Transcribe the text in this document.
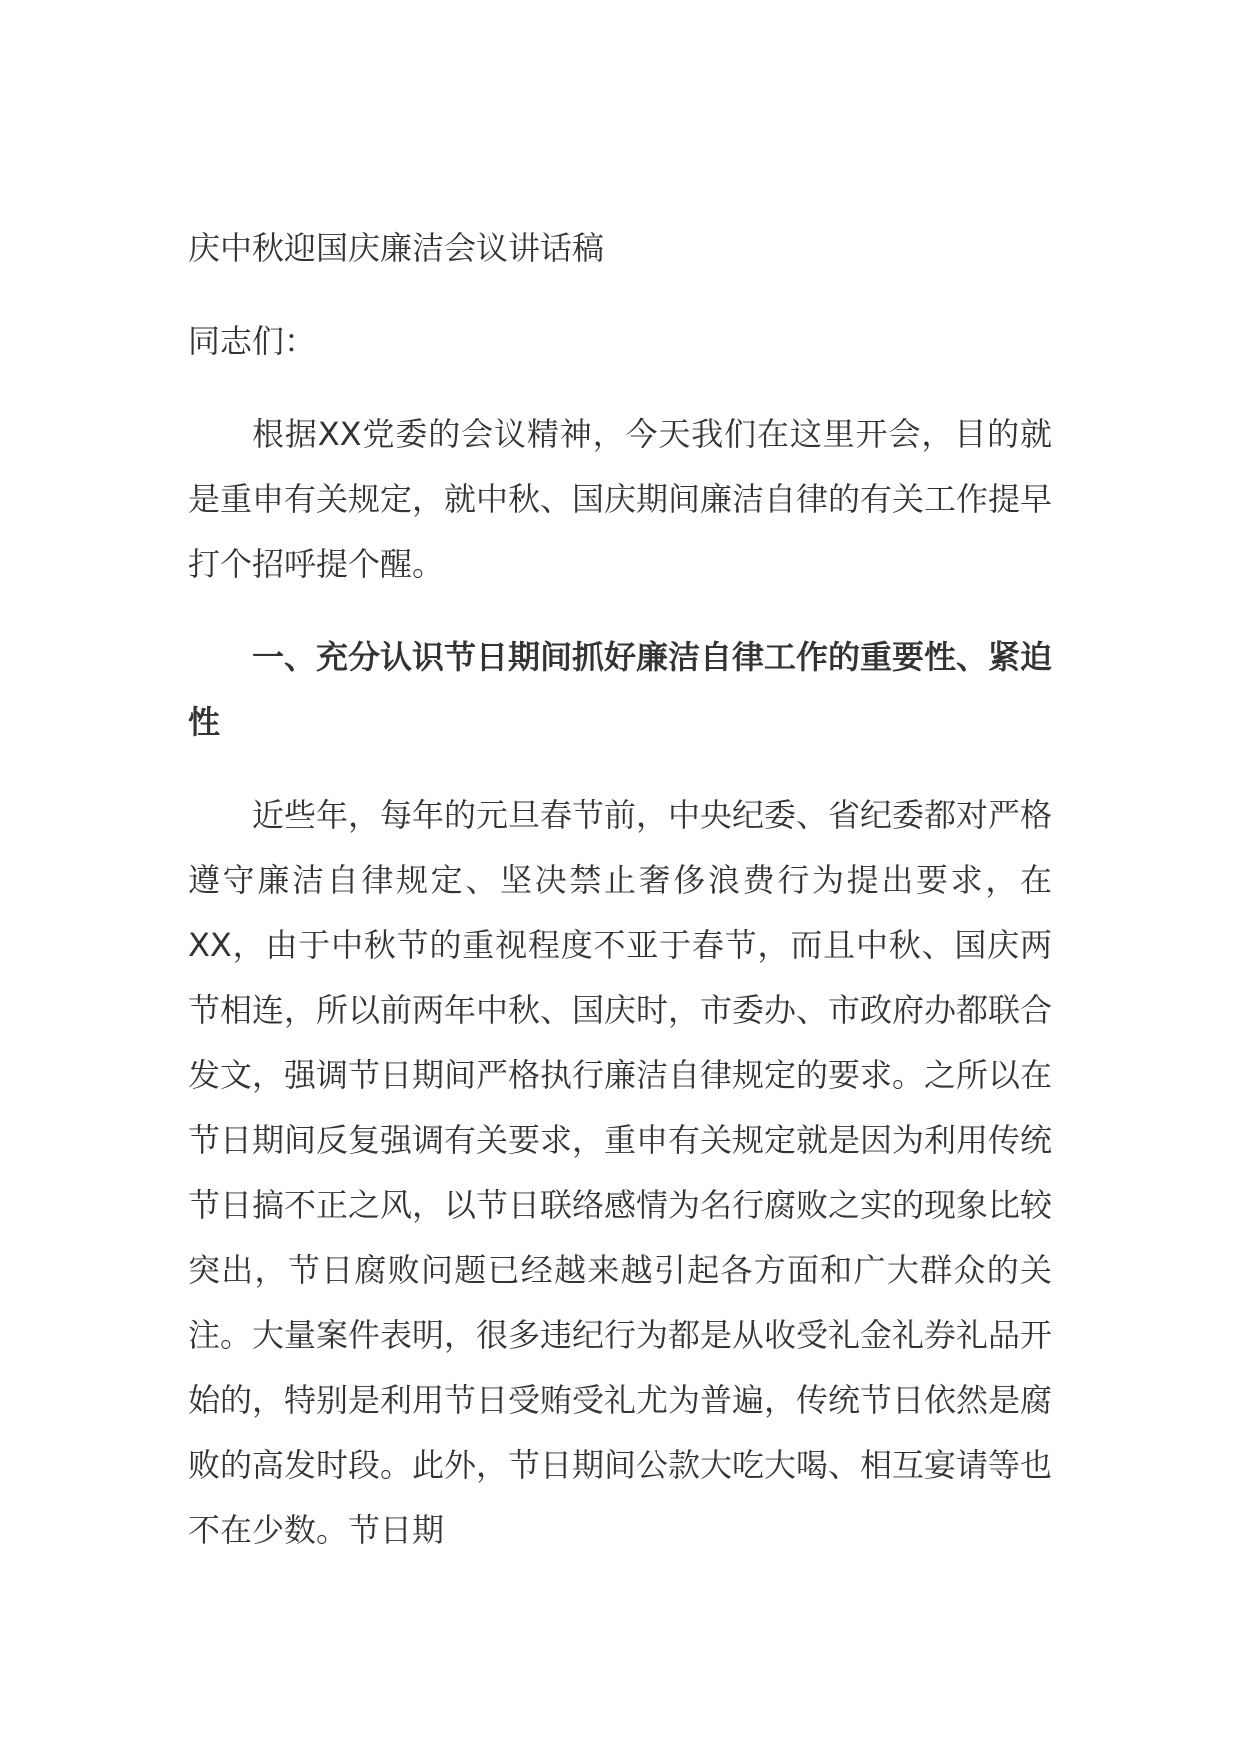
庆中秋迎国庆廉洁会议讲话稿

同志们：

根据XX党委的会议精神，今天我们在这里开会，目的就是重申有关规定，就中秋、国庆期间廉洁自律的有关工作提早打个招呼提个醒。

一、充分认识节日期间抓好廉洁自律工作的重要性、紧迫性

近些年，每年的元旦春节前，中央纪委、省纪委都对严格遵守廉洁自律规定、坚决禁止奢侈浪费行为提出要求，在XX，由于中秋节的重视程度不亚于春节，而且中秋、国庆两节相连，所以前两年中秋、国庆时，市委办、市政府办都联合发文，强调节日期间严格执行廉洁自律规定的要求。之所以在节日期间反复强调有关要求，重申有关规定就是因为利用传统节日搞不正之风，以节日联络感情为名行腐败之实的现象比较突出，节日腐败问题已经越来越引起各方面和广大群众的关注。大量案件表明，很多违纪行为都是从收受礼金礼券礼品开始的，特别是利用节日受贿受礼尤为普遍，传统节日依然是腐败的高发时段。此外，节日期间公款大吃大喝、相互宴请等也不在少数。节日期
